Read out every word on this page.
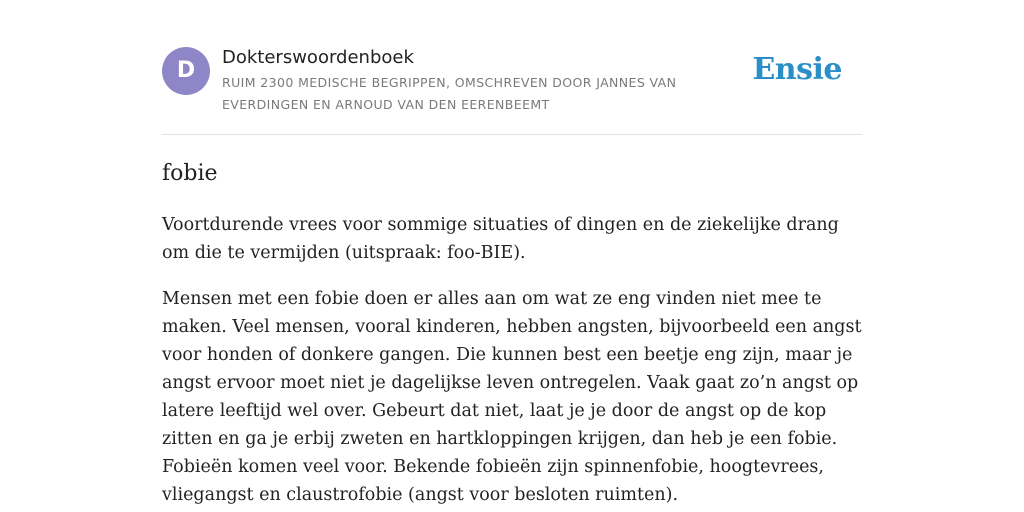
D
Dokterswoordenboek
RUIM 2300 MEDISCHE BEGRIPPEN, OMSCHREVEN DOOR JANNES VAN EVERDINGEN EN ARNOUD VAN DEN EERENBEEMT
Ensie
fobie

Voortdurende vrees voor sommige situaties of dingen en de ziekelijke drang om die te vermijden (uitspraak: foo-BIE).

Mensen met een fobie doen er alles aan om wat ze eng vinden niet mee te maken. Veel mensen, vooral kinderen, hebben angsten, bijvoorbeeld een angst voor honden of donkere gangen. Die kunnen best een beetje eng zijn, maar je angst ervoor moet niet je dagelijkse leven ontregelen. Vaak gaat zo’n angst op latere leeftijd wel over. Gebeurt dat niet, laat je je door de angst op de kop zitten en ga je erbij zweten en hartkloppingen krijgen, dan heb je een fobie. Fobieën komen veel voor. Bekende fobieën zijn spinnenfobie, hoogtevrees, vliegangst en claustrofobie (angst voor besloten ruimten).
